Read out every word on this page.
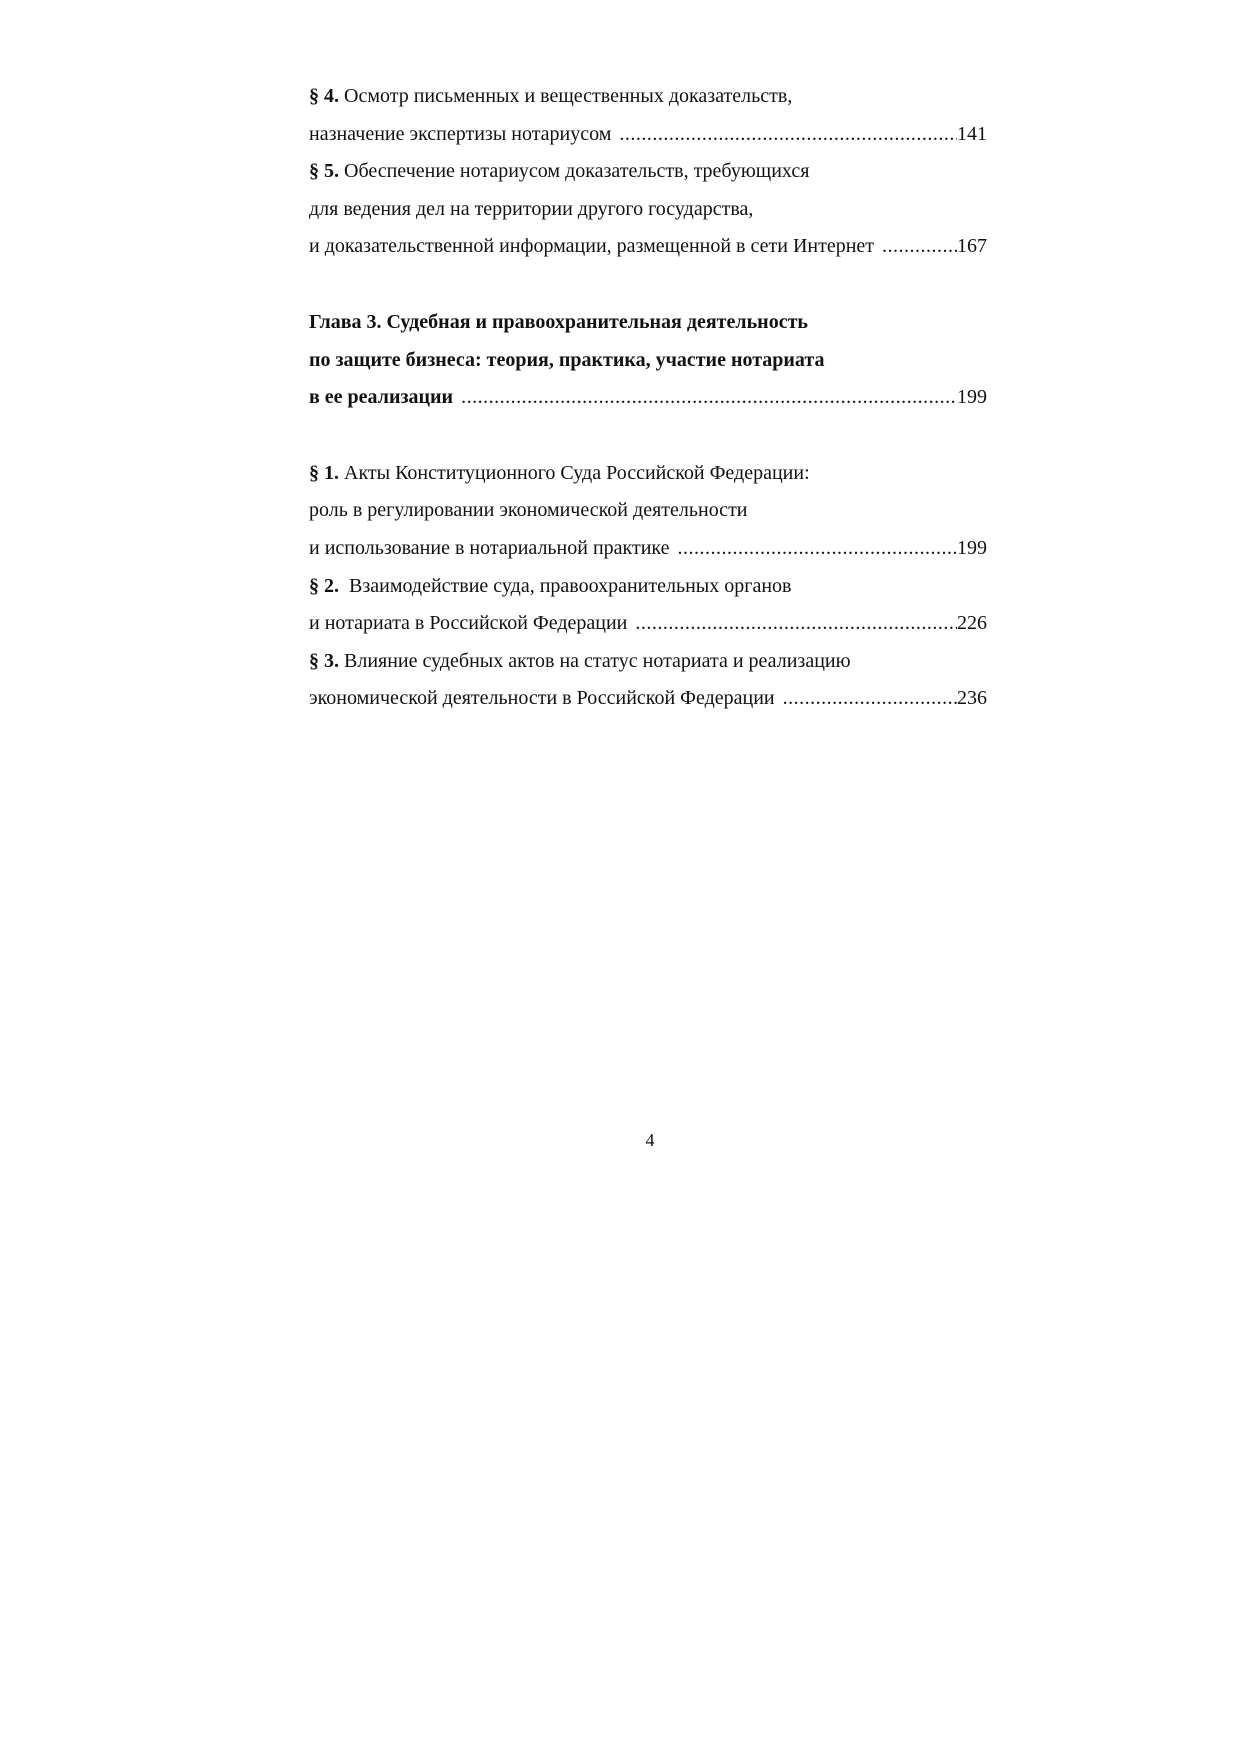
§ 4. Осмотр письменных и вещественных доказательств,
назначение экспертизы нотариусом .....	141
§ 5. Обеспечение нотариусом доказательств, требующихся
для ведения дел на территории другого государства,
и доказательственной информации, размещенной в сети Интернет .....	167
Глава 3. Судебная и правоохранительная деятельность
по защите бизнеса: теория, практика, участие нотариата
в ее реализации .....	199
§ 1. Акты Конституционного Суда Российской Федерации:
роль в регулировании экономической деятельности
и использование в нотариальной практике .....	199
§ 2.  Взаимодействие суда, правоохранительных органов
и нотариата в Российской Федерации .....	226
§ 3. Влияние судебных актов на статус нотариата и реализацию
экономической деятельности в Российской Федерации .....	236
4
